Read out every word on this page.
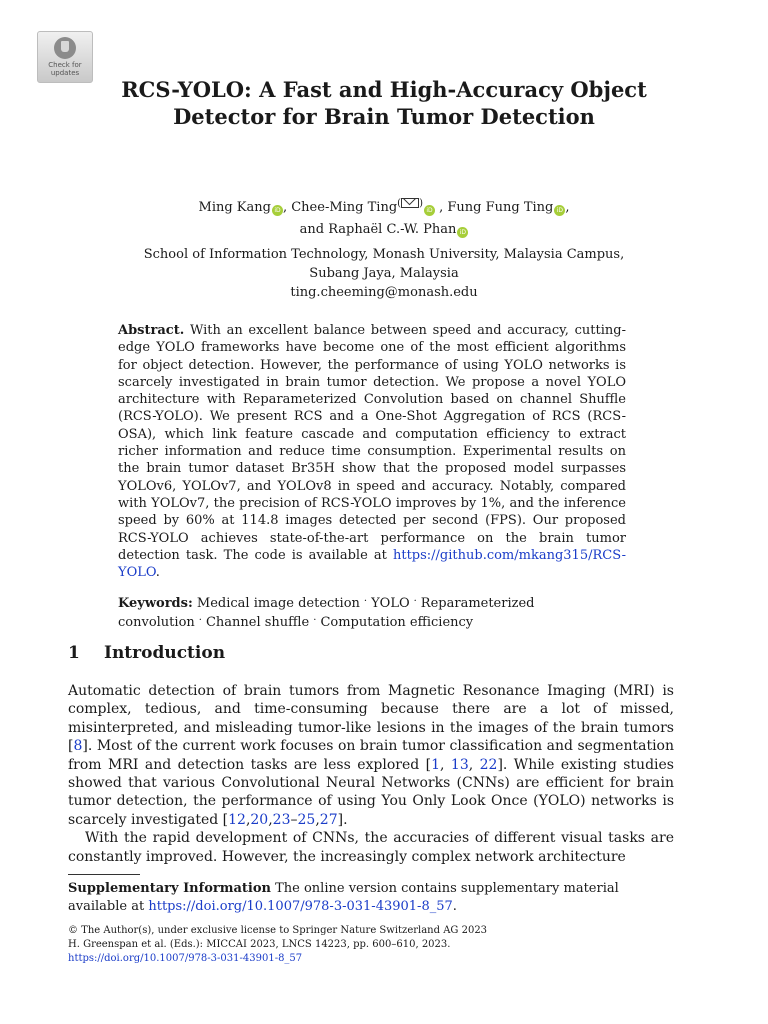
Check for
updates
RCS-YOLO: A Fast and High-Accuracy Object Detector for Brain Tumor Detection
Ming Kang iD , Chee-Ming Ting( )iD , Fung Fung Ting iD ,
and Raphaël C.-W. Phan iD
School of Information Technology, Monash University, Malaysia Campus,
Subang Jaya, Malaysia
ting.cheeming@monash.edu
Abstract. With an excellent balance between speed and accuracy, cutting-edge YOLO frameworks have become one of the most efficient algorithms for object detection. However, the performance of using YOLO networks is scarcely investigated in brain tumor detection. We propose a novel YOLO architecture with Reparameterized Convolution based on channel Shuffle (RCS-YOLO). We present RCS and a One-Shot Aggregation of RCS (RCS-OSA), which link feature cascade and computation efficiency to extract richer information and reduce time consumption. Experimental results on the brain tumor dataset Br35H show that the proposed model surpasses YOLOv6, YOLOv7, and YOLOv8 in speed and accuracy. Notably, compared with YOLOv7, the precision of RCS-YOLO improves by 1%, and the inference speed by 60% at 114.8 images detected per second (FPS). Our proposed RCS-YOLO achieves state-of-the-art performance on the brain tumor detection task. The code is available at https://github.com/mkang315/RCS-YOLO.
Keywords: Medical image detection · YOLO · Reparameterized convolution · Channel shuffle · Computation efficiency
1 Introduction

Automatic detection of brain tumors from Magnetic Resonance Imaging (MRI) is complex, tedious, and time-consuming because there are a lot of missed, misinterpreted, and misleading tumor-like lesions in the images of the brain tumors [8]. Most of the current work focuses on brain tumor classification and segmentation from MRI and detection tasks are less explored [1, 13, 22]. While existing studies showed that various Convolutional Neural Networks (CNNs) are efficient for brain tumor detection, the performance of using You Only Look Once (YOLO) networks is scarcely investigated [12,20,23–25,27].
With the rapid development of CNNs, the accuracies of different visual tasks are constantly improved. However, the increasingly complex network architecture

Supplementary Information The online version contains supplementary material available at https://doi.org/10.1007/978-3-031-43901-8_57.
© The Author(s), under exclusive license to Springer Nature Switzerland AG 2023
H. Greenspan et al. (Eds.): MICCAI 2023, LNCS 14223, pp. 600–610, 2023.
https://doi.org/10.1007/978-3-031-43901-8_57
